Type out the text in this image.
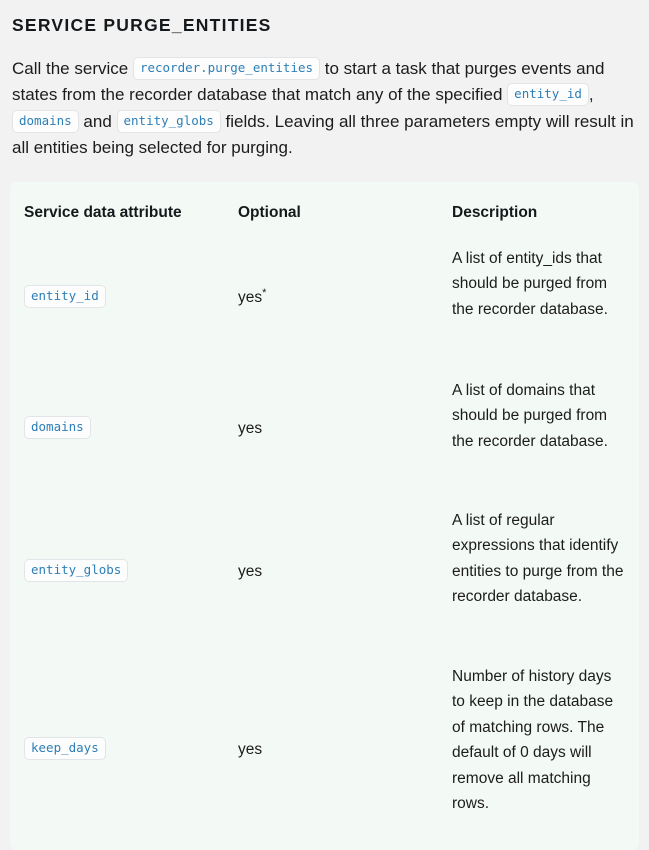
SERVICE PURGE_ENTITIES

Call the service recorder.purge_entities to start a task that purges events and states from the recorder database that match any of the specified entity_id , domains and entity_globs fields. Leaving all three parameters empty will result in all entities being selected for purging.

Service data attribute	Optional	Description
entity_id	yes*	A list of entity_ids that should be purged from the recorder database.
domains	yes	A list of domains that should be purged from the recorder database.
entity_globs	yes	A list of regular expressions that identify entities to purge from the recorder database.
keep_days	yes	Number of history days to keep in the database of matching rows. The default of 0 days will remove all matching rows.
